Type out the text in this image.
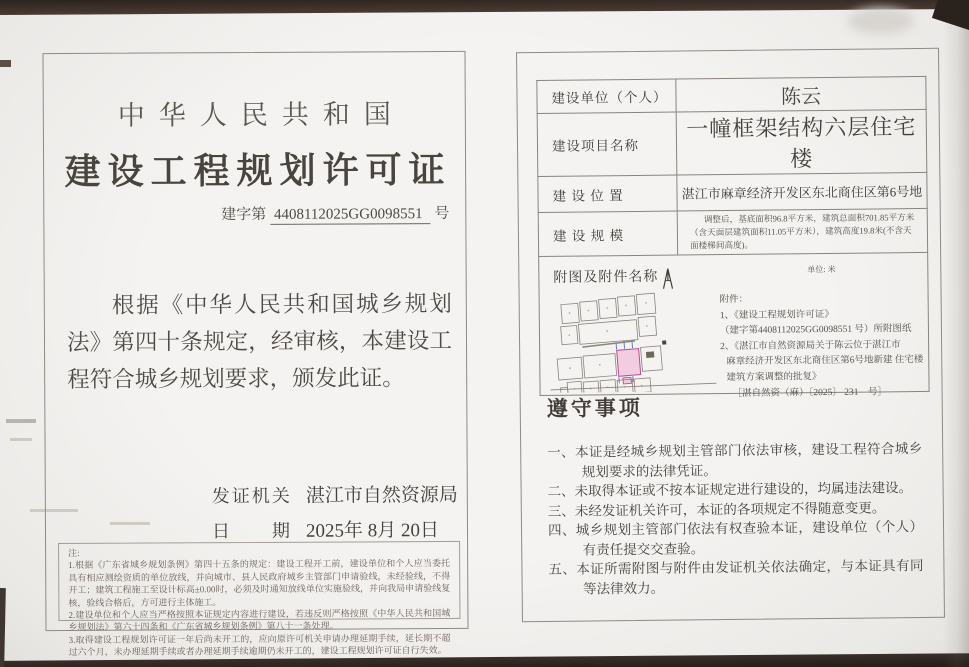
中华人民共和国
建设工程规划许可证
建字第 4408112025GG0098551 号
根据《中华人民共和国城乡规划法》第四十条规定，经审核，本建设工程符合城乡规划要求，颁发此证。
发证机关 湛江市自然资源局
日期 2025年 8月 20日
注:
1.根据《广东省城乡规划条例》第四十五条的规定：建设工程开工前，建设单位和个人应当委托具有相应测绘资质的单位放线，并向城市、县人民政府城乡主管部门申请验线，未经验线，不得开工；建筑工程施工至设计标高±0.00时，必须及时通知放线单位实施验线，并向我局申请验线复核，验线合格后，方可进行主体施工。
2.建设单位和个人应当严格按照本证规定内容进行建设，若违反则严格按照《中华人民共和国城乡规划法》第六十四条和《广东省城乡规划条例》第八十一条处理。
3.取得建设工程规划许可证一年后尚未开工的，应向原许可机关申请办理延期手续，延长期不超过六个月，未办理延期手续或者办理延期手续逾期仍未开工的，建设工程规划许可证自行失效。
建设单位（个人）	陈云
建设项目名称	一幢框架结构六层住宅楼
建 设 位 置	湛江市麻章经济开发区东北商住区第6号地
建 设 规 模	调整后，基底面积96.8平方米，建筑总面积701.85平方米（含天面层建筑面积11.05平方米），建筑高度19.8米(不含天面楼梯间高度)。

附图及附件名称
单位: 米
附件：
1、《建设工程规划许可证》
（建字第4408112025GG0098551 号）所附图纸
2、《湛江市自然资源局关于陈云位于湛江市
麻章经济开发区东北商住区第6号地新建 住宅楼
建筑方案调整的批复》
［湛自然资（麻）〔2025〕 231　号］
遵守事项

一、本证是经城乡规划主管部门依法审核，建设工程符合城乡规划要求的法律凭证。

二、未取得本证或不按本证规定进行建设的，均属违法建设。

三、未经发证机关许可，本证的各项规定不得随意变更。

四、城乡规划主管部门依法有权查验本证，建设单位（个人）有责任提交交查验。

五、本证所需附图与附件由发证机关依法确定，与本证具有同等法律效力。
